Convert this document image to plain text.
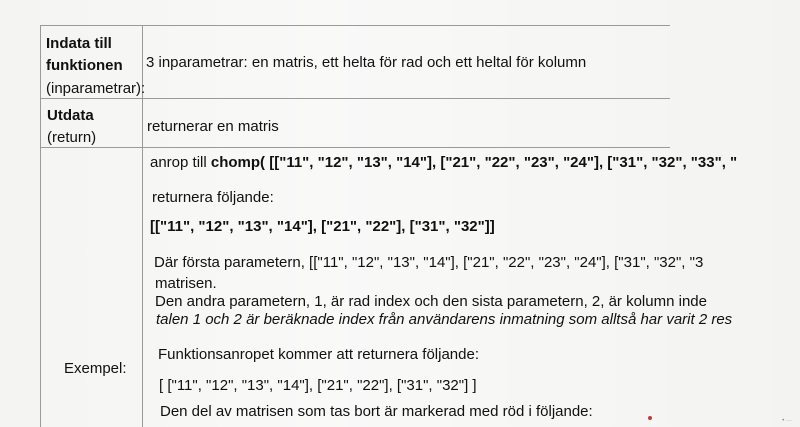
Indata till
funktionen
(inparametrar):
3 inparametrar: en matris, ett helta för rad och ett heltal för kolumn
Utdata
(return)
returnerar en matris
Exempel:
anrop till chomp( [["11", "12", "13", "14"], ["21", "22", "23", "24"], ["31", "32", "33", "
returnera följande:
[["11", "12", "13", "14"], ["21", "22"], ["31", "32"]]
Där första parametern, [["11", "12", "13", "14"], ["21", "22", "23", "24"], ["31", "32", "3
matrisen.
Den andra parametern, 1, är rad index och den sista parametern, 2, är kolumn inde
talen 1 och 2 är beräknade index från användarens inmatning som alltså har varit 2 res
Funktionsanropet kommer att returnera följande:
[ ["11", "12", "13", "14"], ["21", "22"], ["31", "32"] ]
Den del av matrisen som tas bort är markerad med röd i följande:
• ···
